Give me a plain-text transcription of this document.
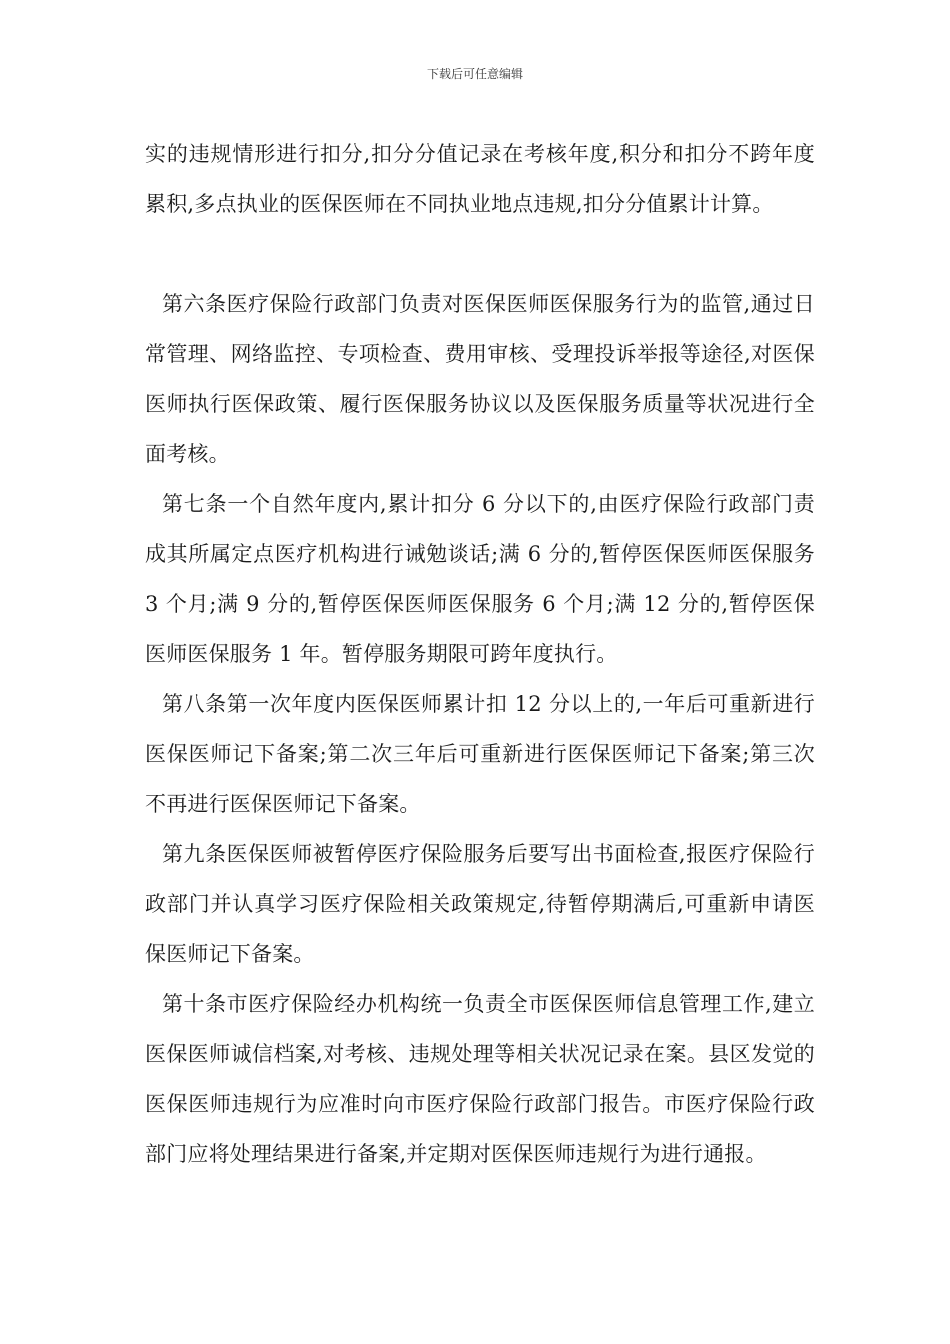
下载后可任意编辑

实的违规情形进行扣分,扣分分值记录在考核年度,积分和扣分不跨年度累积,多点执业的医保医师在不同执业地点违规,扣分分值累计计算。

第六条医疗保险行政部门负责对医保医师医保服务行为的监管,通过日常管理、网络监控、专项检查、费用审核、受理投诉举报等途径,对医保医师执行医保政策、履行医保服务协议以及医保服务质量等状况进行全面考核。

第七条一个自然年度内,累计扣分 6 分以下的,由医疗保险行政部门责成其所属定点医疗机构进行诫勉谈话;满 6 分的,暂停医保医师医保服务 3 个月;满 9 分的,暂停医保医师医保服务 6 个月;满 12 分的,暂停医保医师医保服务 1 年。暂停服务期限可跨年度执行。

第八条第一次年度内医保医师累计扣 12 分以上的,一年后可重新进行医保医师记下备案;第二次三年后可重新进行医保医师记下备案;第三次不再进行医保医师记下备案。

第九条医保医师被暂停医疗保险服务后要写出书面检查,报医疗保险行政部门并认真学习医疗保险相关政策规定,待暂停期满后,可重新申请医保医师记下备案。

第十条市医疗保险经办机构统一负责全市医保医师信息管理工作,建立医保医师诚信档案,对考核、违规处理等相关状况记录在案。县区发觉的医保医师违规行为应准时向市医疗保险行政部门报告。市医疗保险行政部门应将处理结果进行备案,并定期对医保医师违规行为进行通报。
